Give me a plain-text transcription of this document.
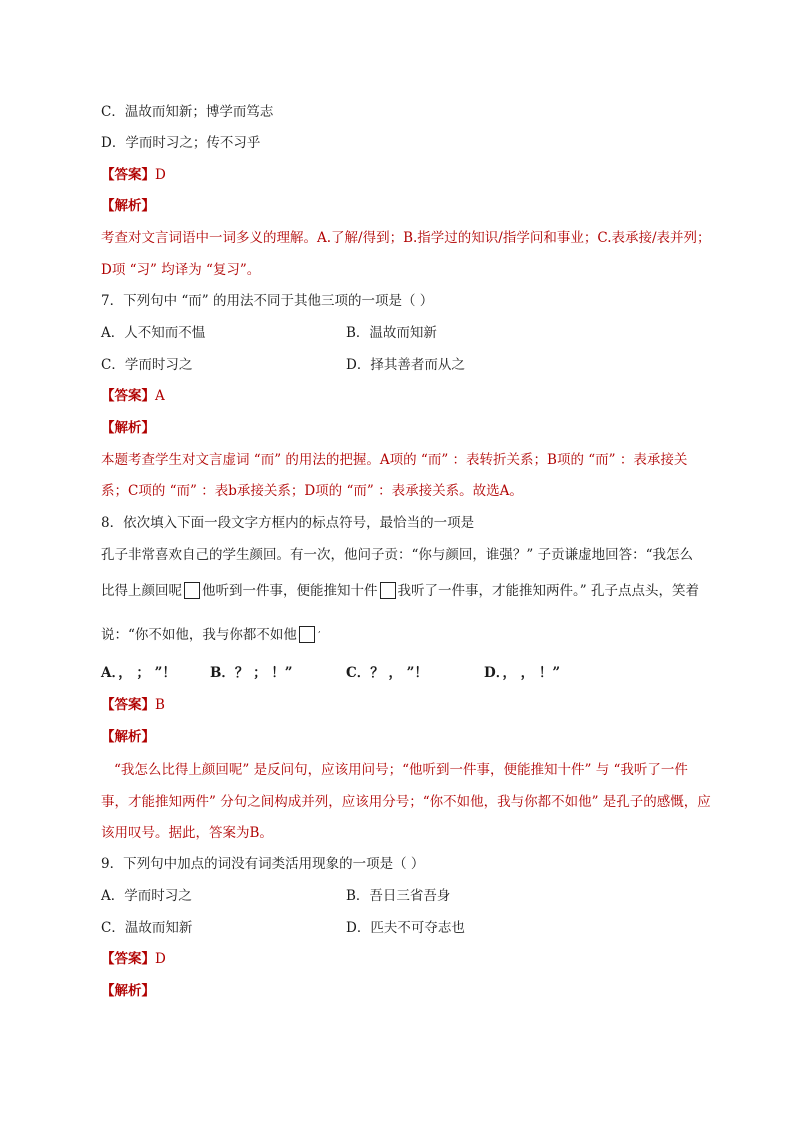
C．温故而知新；博学而笃志
D．学而时习之；传不习乎
【答案】D
【解析】
考查对文言词语中一词多义的理解。A.了解/得到；B.指学过的知识/指学问和事业；C.表承接/表并列；
D项 “习” 均译为 “复习”。
7．下列句中 “而” 的用法不同于其他三项的一项是（ ）
A．人不知而不愠	B．温故而知新
C．学而时习之	D．择其善者而从之
【答案】A
【解析】
本题考查学生对文言虚词 “而” 的用法的把握。A项的 “而” ：表转折关系；B项的 “而” ：表承接关
系；C项的 “而” ：表b承接关系；D项的 “而” ：表承接关系。故选A。
8．依次填入下面一段文字方框内的标点符号，最恰当的一项是
孔子非常喜欢自己的学生颜回。有一次，他问子贡：“你与颜回，谁强？” 子贡谦虚地回答：“我怎么
比得上颜回呢 他听到一件事，便能推知十件 我听了一件事，才能推知两件。” 孔子点点头，笑着
说：“你不如他，我与你都不如他	’
A．， ； ”！	B．？ ； ！”	C．？ ， ”！	D．， ， ！”
【答案】B
【解析】
“我怎么比得上颜回呢” 是反问句，应该用问号；“他听到一件事，便能推知十件” 与 “我听了一件
事，才能推知两件” 分句之间构成并列，应该用分号；“你不如他，我与你都不如他” 是孔子的感慨，应
该用叹号。据此，答案为B。
9．下列句中加点的词没有词类活用现象的一项是（ ）
A．学而时习之	B．吾日三省吾身
C．温故而知新	D．匹夫不可夺志也
【答案】D
【解析】
